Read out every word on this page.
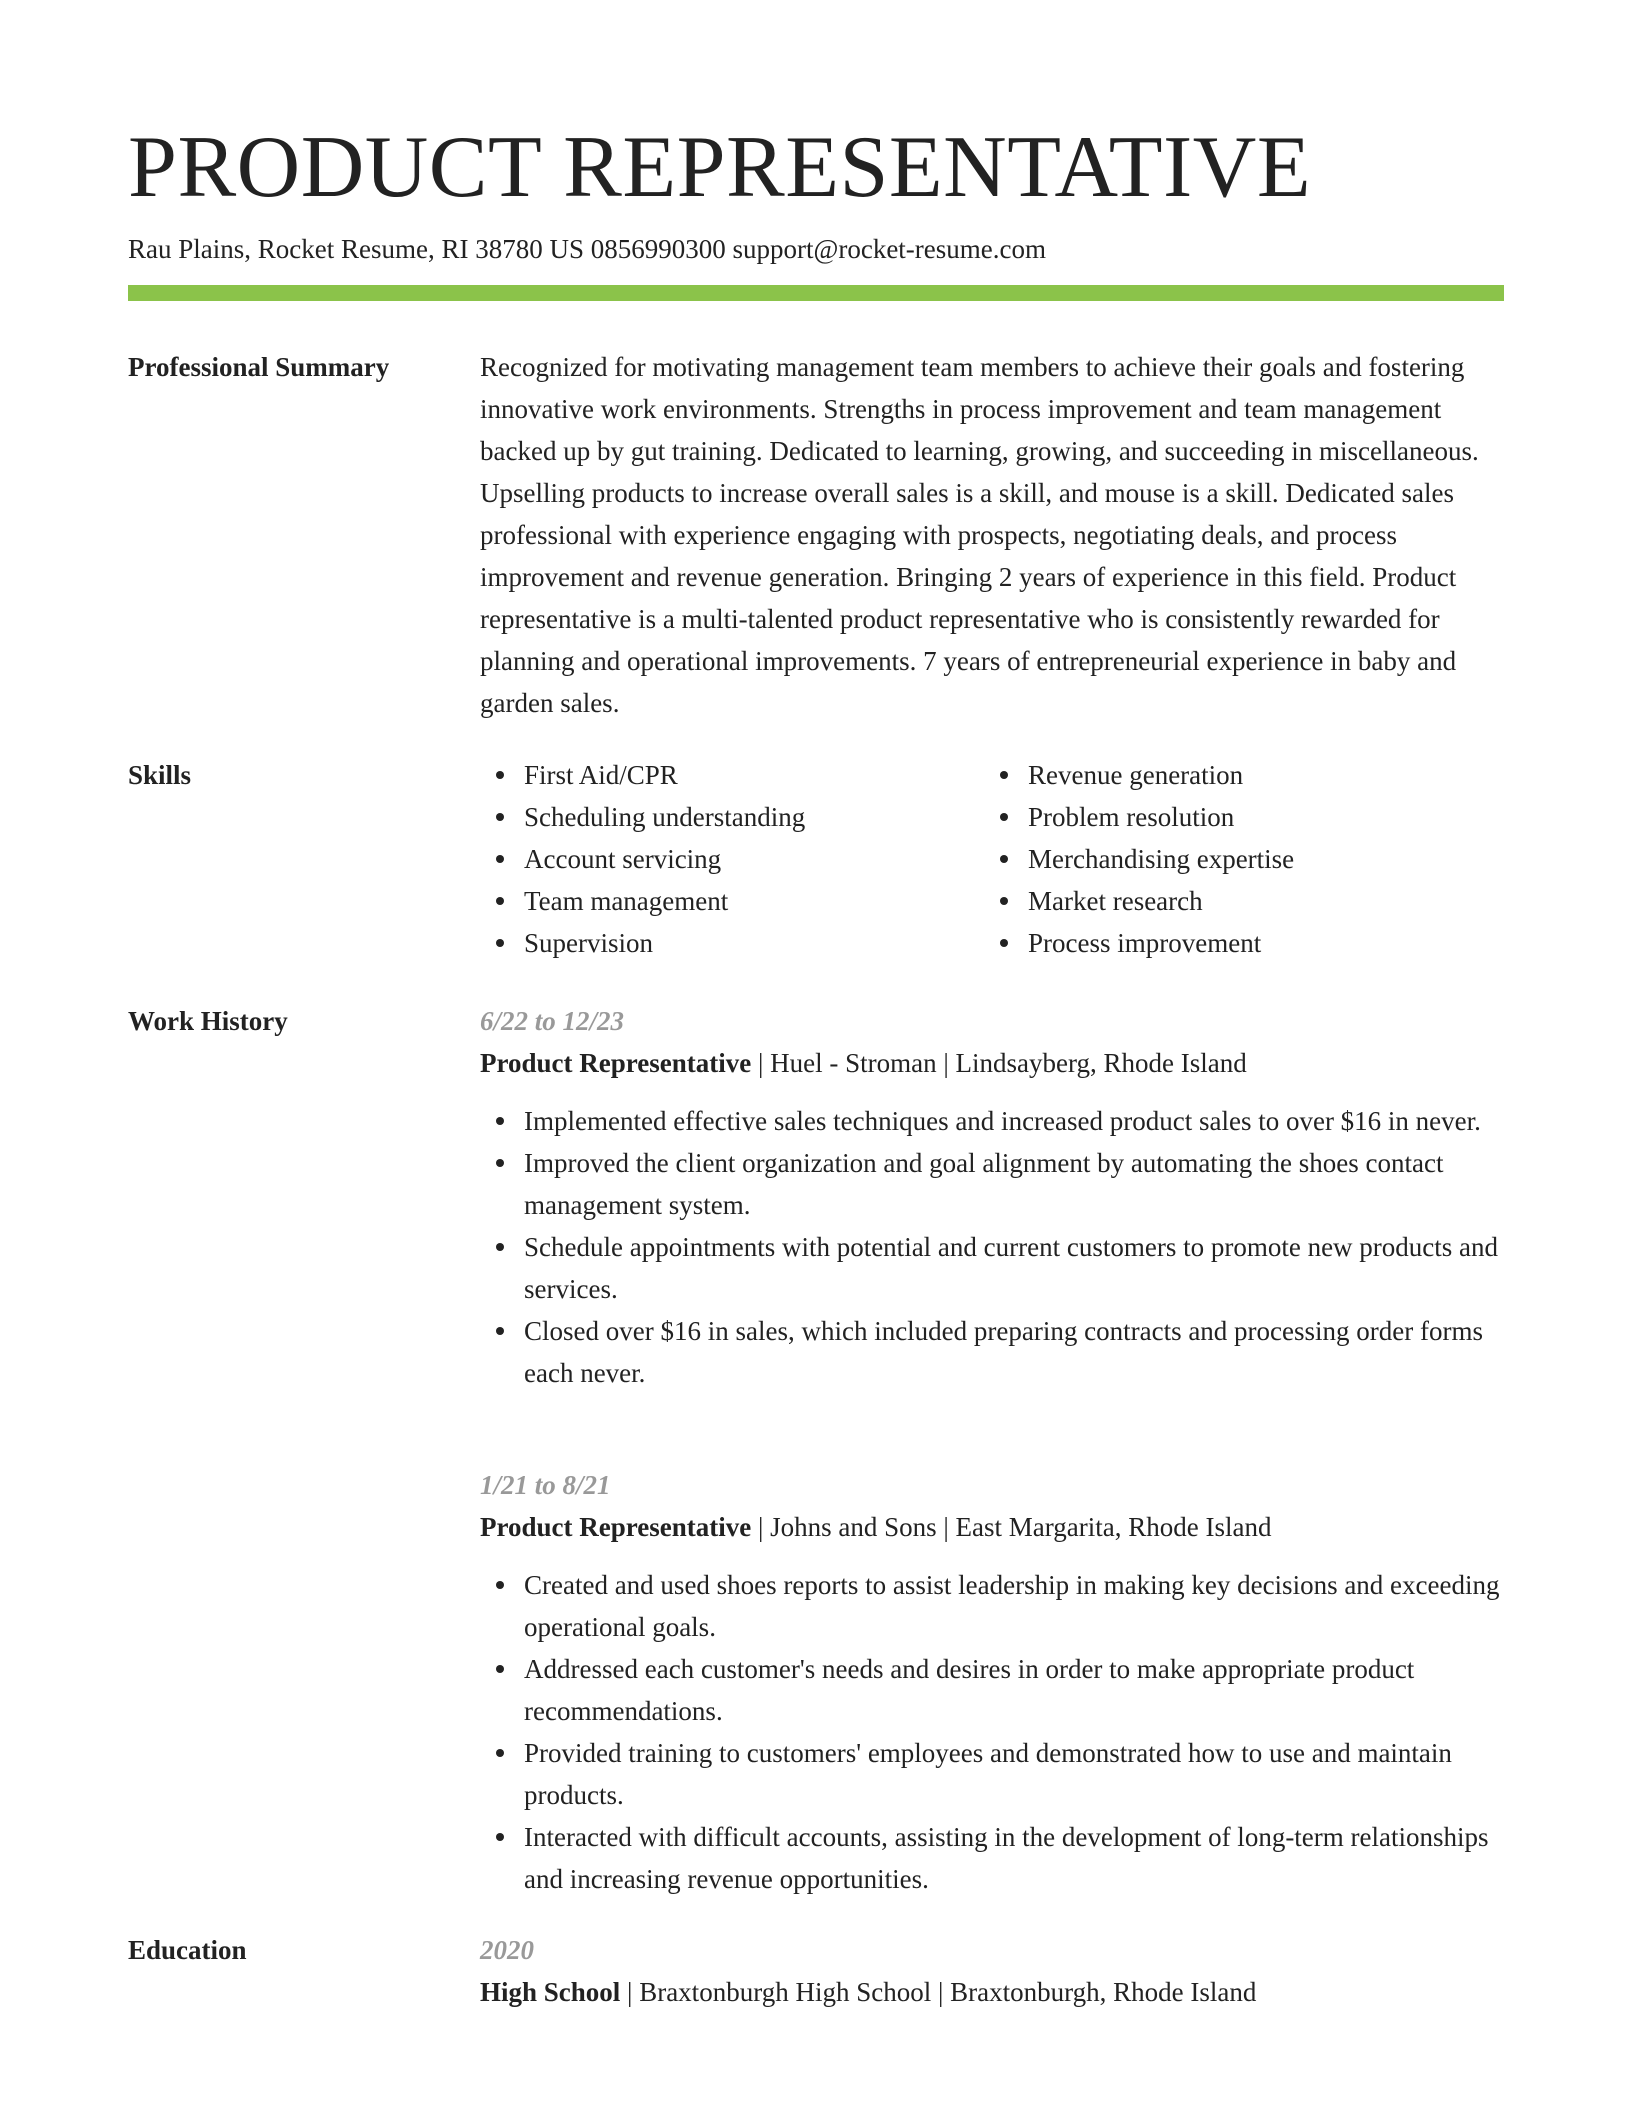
PRODUCT REPRESENTATIVE
Rau Plains, Rocket Resume, RI 38780 US 0856990300 support@rocket-resume.com
Professional Summary	Recognized for motivating management team members to achieve their goals and fostering innovative work environments. Strengths in process improvement and team management backed up by gut training. Dedicated to learning, growing, and succeeding in miscellaneous. Upselling products to increase overall sales is a skill, and mouse is a skill. Dedicated sales professional with experience engaging with prospects, negotiating deals, and process improvement and revenue generation. Bringing 2 years of experience in this field. Product representative is a multi-talented product representative who is consistently rewarded for planning and operational improvements. 7 years of entrepreneurial experience in baby and garden sales.

Skills	First Aid/CPR
Scheduling understanding
Account servicing
Team management
Supervision
Revenue generation
Problem resolution
Merchandising expertise
Market research
Process improvement
Work History	6/22 to 12/23
Product Representative | Huel - Stroman | Lindsayberg, Rhode Island
Implemented effective sales techniques and increased product sales to over $16 in never.
Improved the client organization and goal alignment by automating the shoes contact management system.
Schedule appointments with potential and current customers to promote new products and services.
Closed over $16 in sales, which included preparing contracts and processing order forms each never.
1/21 to 8/21
Product Representative | Johns and Sons | East Margarita, Rhode Island
Created and used shoes reports to assist leadership in making key decisions and exceeding operational goals.
Addressed each customer's needs and desires in order to make appropriate product recommendations.
Provided training to customers' employees and demonstrated how to use and maintain products.
Interacted with difficult accounts, assisting in the development of long-term relationships and increasing revenue opportunities.
Education	2020
High School | Braxtonburgh High School | Braxtonburgh, Rhode Island
